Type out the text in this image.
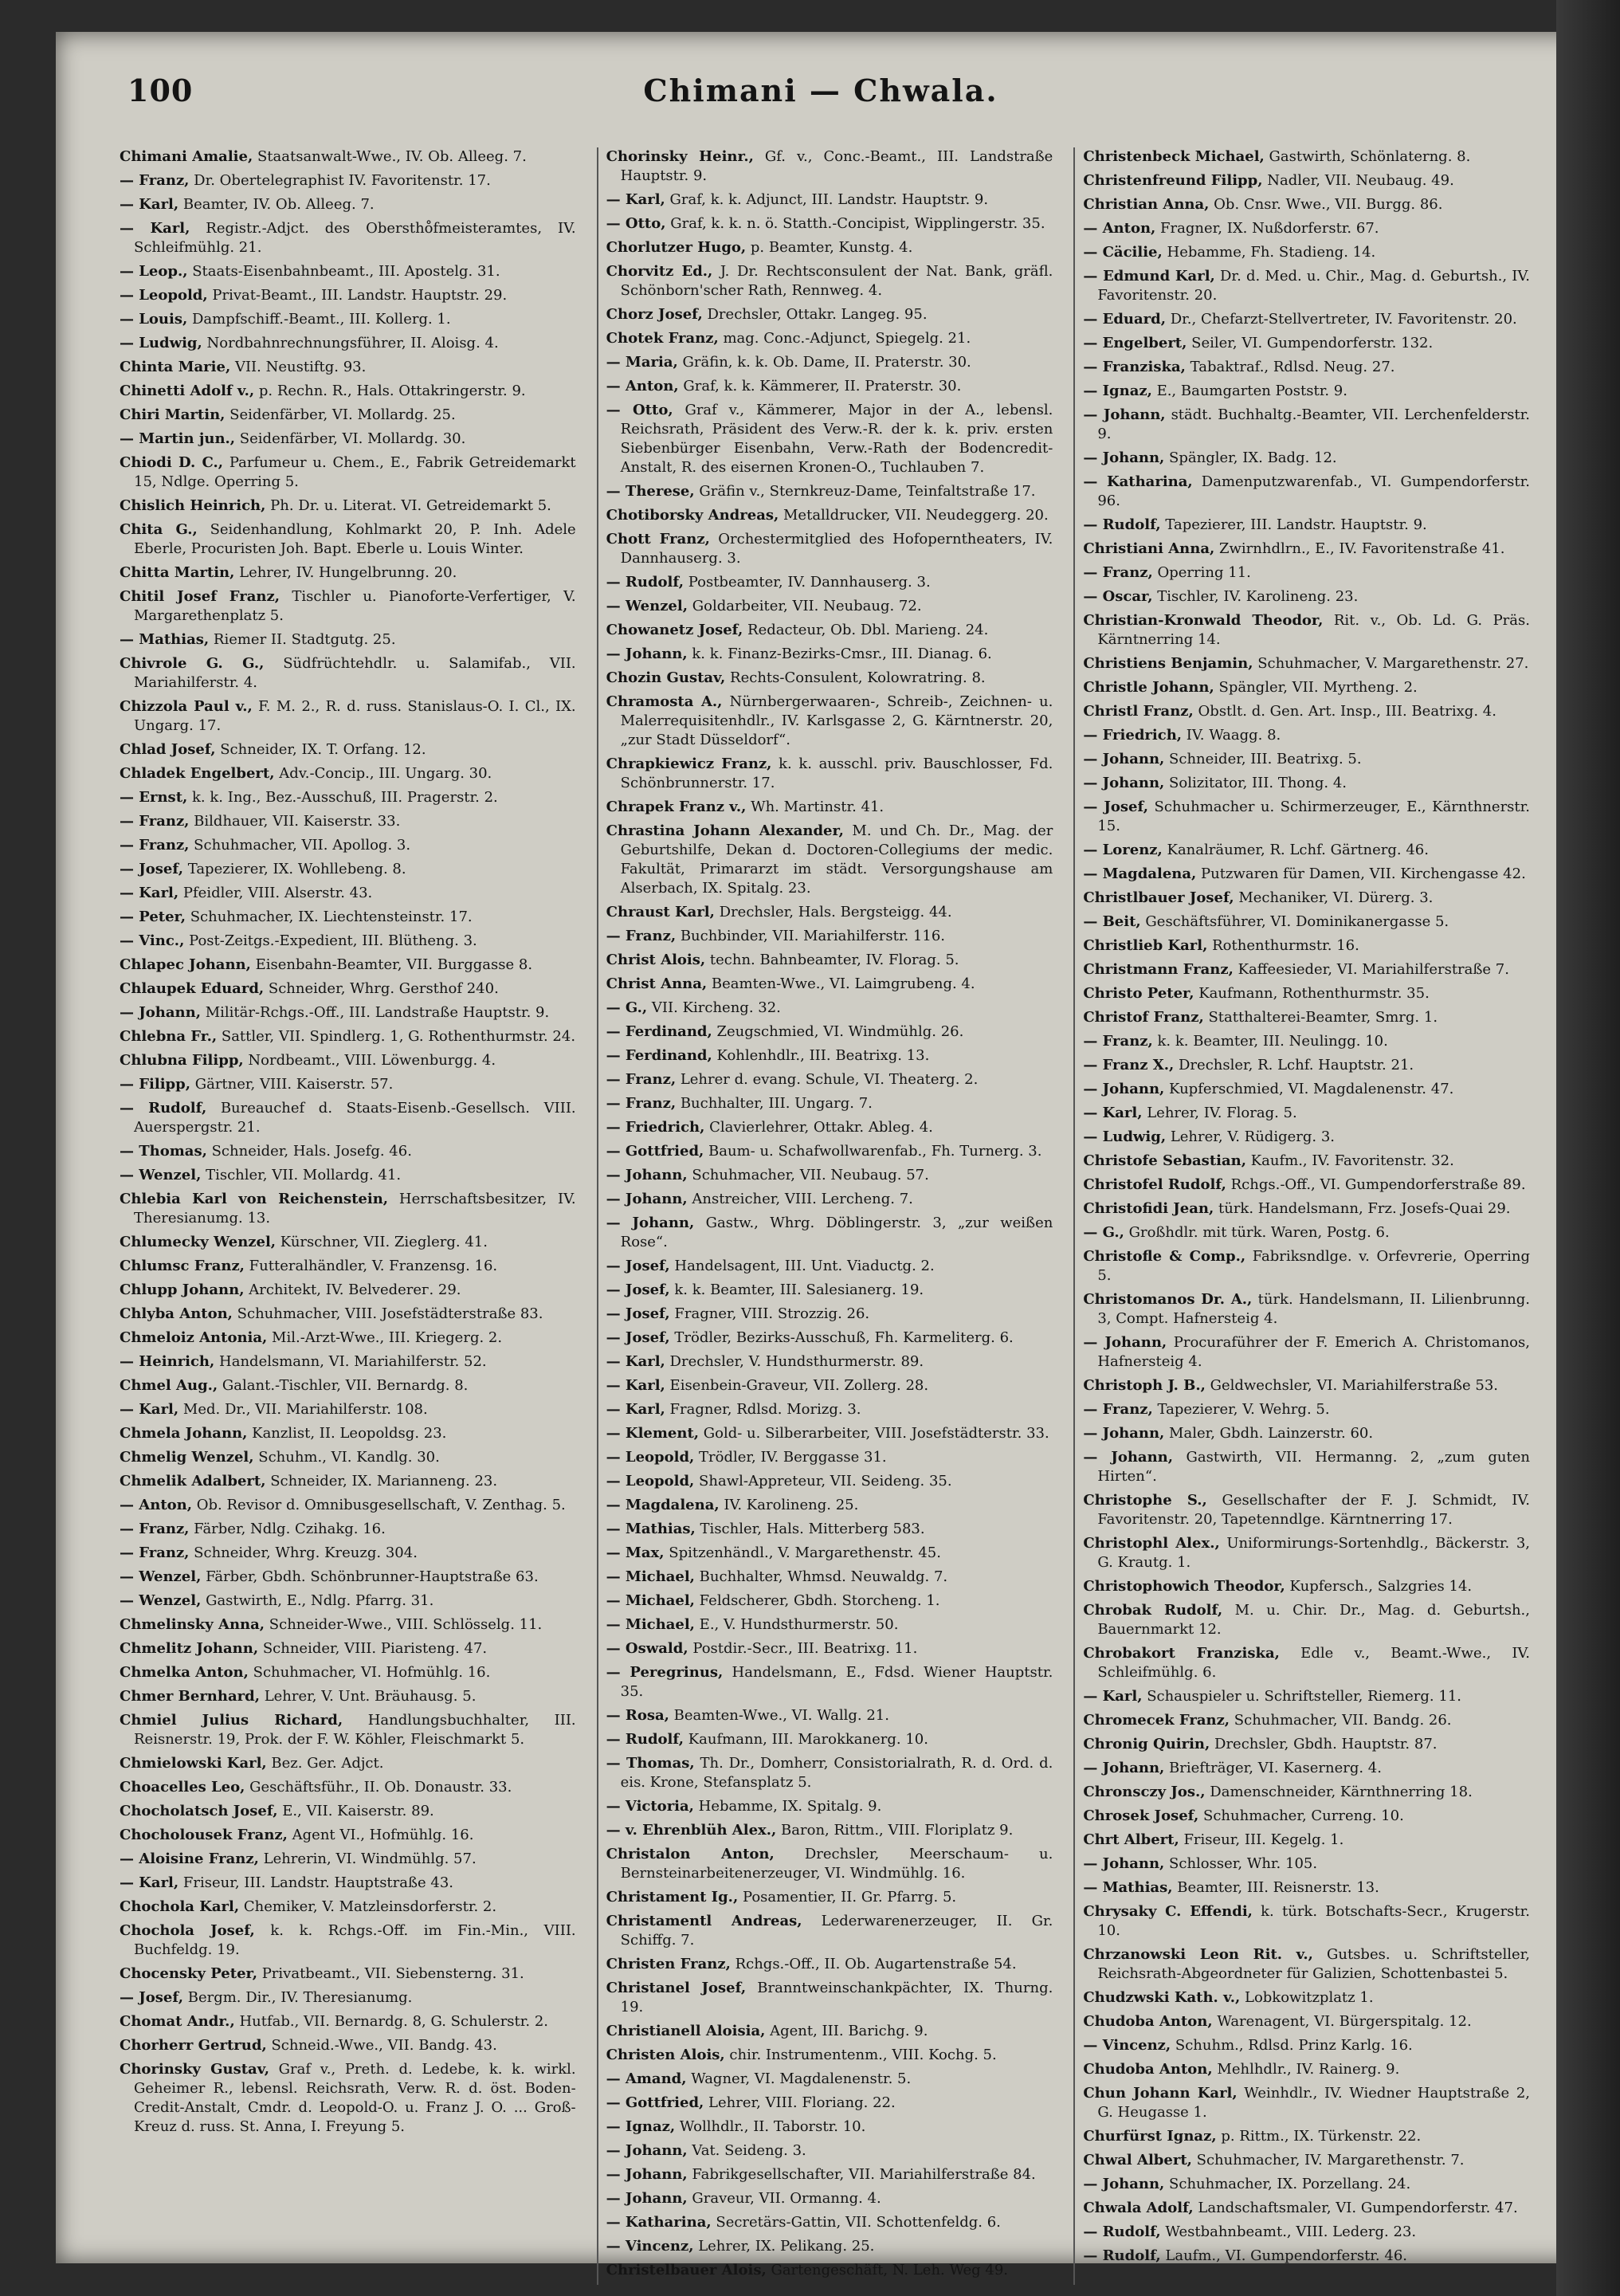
100	Chimani — Chwala.

Chimani Amalie, Staatsanwalt-Wwe., IV. Ob. Alleeg. 7.

— Franz, Dr. Obertelegraphist IV. Favoritenstr. 17.

— Karl, Beamter, IV. Ob. Alleeg. 7.

— Karl, Registr.-Adjct. des Oberstho̊fmeisteramtes, IV. Schleifmühlg. 21.

— Leop., Staats-Eisenbahnbeamt., III. Apostelg. 31.

— Leopold, Privat-Beamt., III. Landstr. Hauptstr. 29.

— Louis, Dampfschiff.-Beamt., III. Kollerg. 1.

— Ludwig, Nordbahnrechnungsführer, II. Aloisg. 4.

Chinta Marie, VII. Neustiftg. 93.

Chinetti Adolf v., p. Rechn. R., Hals. Ottakringerstr. 9.

Chiri Martin, Seidenfärber, VI. Mollardg. 25.

— Martin jun., Seidenfärber, VI. Mollardg. 30.

Chiodi D. C., Parfumeur u. Chem., E., Fabrik Getreidemarkt 15, Ndlge. Operring 5.

Chislich Heinrich, Ph. Dr. u. Literat. VI. Getreidemarkt 5.

Chita G., Seidenhandlung, Kohlmarkt 20, P. Inh. Adele Eberle, Procuristen Joh. Bapt. Eberle u. Louis Winter.

Chitta Martin, Lehrer, IV. Hungelbrunng. 20.

Chitil Josef Franz, Tischler u. Pianoforte-Verfertiger, V. Margarethenplatz 5.

— Mathias, Riemer II. Stadtgutg. 25.

Chivrole G. G., Südfrüchtehdlr. u. Salamifab., VII. Mariahilferstr. 4.

Chizzola Paul v., F. M. 2., R. d. russ. Stanislaus-O. I. Cl., IX. Ungarg. 17.

Chlad Josef, Schneider, IX. T. Orfang. 12.

Chladek Engelbert, Adv.-Concip., III. Ungarg. 30.

— Ernst, k. k. Ing., Bez.-Ausschuß, III. Pragerstr. 2.

— Franz, Bildhauer, VII. Kaiserstr. 33.

— Franz, Schuhmacher, VII. Apollog. 3.

— Josef, Tapezierer, IX. Wohllebeng. 8.

— Karl, Pfeidler, VIII. Alserstr. 43.

— Peter, Schuhmacher, IX. Liechtensteinstr. 17.

— Vinc., Post-Zeitgs.-Expedient, III. Blütheng. 3.

Chlapec Johann, Eisenbahn-Beamter, VII. Burggasse 8.

Chlaupek Eduard, Schneider, Whrg. Gersthof 240.

— Johann, Militär-Rchgs.-Off., III. Landstraße Hauptstr. 9.

Chlebna Fr., Sattler, VII. Spindlerg. 1, G. Rothenthurmstr. 24.

Chlubna Filipp, Nordbeamt., VIII. Löwenburgg. 4.

— Filipp, Gärtner, VIII. Kaiserstr. 57.

— Rudolf, Bureauchef d. Staats-Eisenb.-Gesellsch. VIII. Auerspergstr. 21.

— Thomas, Schneider, Hals. Josefg. 46.

— Wenzel, Tischler, VII. Mollardg. 41.

Chlebia Karl von Reichenstein, Herrschaftsbesitzer, IV. Theresianumg. 13.

Chlumecky Wenzel, Kürschner, VII. Zieglerg. 41.

Chlumsc Franz, Futteralhändler, V. Franzensg. 16.

Chlupp Johann, Architekt, IV. Belvederег. 29.

Chlyba Anton, Schuhmacher, VIII. Josefstädterstraße 83.

Chmeloiz Antonia, Mil.-Arzt-Wwe., III. Kriegerg. 2.

— Heinrich, Handelsmann, VI. Mariahilferstr. 52.

Chmel Aug., Galant.-Tischler, VII. Bernardg. 8.

— Karl, Med. Dr., VII. Mariahilferstr. 108.

Chmela Johann, Kanzlist, II. Leopoldsg. 23.

Chmelig Wenzel, Schuhm., VI. Kandlg. 30.

Chmelik Adalbert, Schneider, IX. Marianneng. 23.

— Anton, Ob. Revisor d. Omnibusgesellschaft, V. Zenthag. 5.

— Franz, Färber, Ndlg. Czihakg. 16.

— Franz, Schneider, Whrg. Kreuzg. 304.

— Wenzel, Färber, Gbdh. Schönbrunner-Hauptstraße 63.

— Wenzel, Gastwirth, E., Ndlg. Pfarrg. 31.

Chmelinsky Anna, Schneider-Wwe., VIII. Schlösselg. 11.

Chmelitz Johann, Schneider, VIII. Piaristeng. 47.

Chmelka Anton, Schuhmacher, VI. Hofmühlg. 16.

Chmer Bernhard, Lehrer, V. Unt. Bräuhausg. 5.

Chmiel Julius Richard, Handlungsbuchhalter, III. Reisnerstr. 19, Prok. der F. W. Köhler, Fleischmarkt 5.

Chmielowski Karl, Bez. Ger. Adjct.

Choacelles Leo, Geschäftsführ., II. Ob. Donaustr. 33.

Chocholatsch Josef, E., VII. Kaiserstr. 89.

Chocholousek Franz, Agent VI., Hofmühlg. 16.

— Aloisine Franz, Lehrerin, VI. Windmühlg. 57.

— Karl, Friseur, III. Landstr. Hauptstraße 43.

Chochola Karl, Chemiker, V. Matzleinsdorferstr. 2.

Chochola Josef, k. k. Rchgs.-Off. im Fin.-Min., VIII. Buchfeldg. 19.

Chocensky Peter, Privatbeamt., VII. Siebensterng. 31.

— Josef, Bergm. Dir., IV. Theresianumg.

Chomat Andr., Hutfab., VII. Bernardg. 8, G. Schulerstr. 2.

Chorherr Gertrud, Schneid.-Wwe., VII. Bandg. 43.

Chorinsky Gustav, Graf v., Preth. d. Ledebe, k. k. wirkl. Geheimer R., lebensl. Reichsrath, Verw. R. d. öst. Boden-Credit-Anstalt, Cmdr. d. Leopold-O. u. Franz J. O. ... Groß-Kreuz d. russ. St. Anna, I. Freyung 5.

Chorinsky Heinr., Gf. v., Conc.-Beamt., III. Landstraße Hauptstr. 9.

— Karl, Graf, k. k. Adjunct, III. Landstr. Hauptstr. 9.

— Otto, Graf, k. k. n. ö. Statth.-Concipist, Wipplingerstr. 35.

Chorlutzer Hugo, p. Beamter, Kunstg. 4.

Chorvitz Ed., J. Dr. Rechtsconsulent der Nat. Bank, gräfl. Schönborn'scher Rath, Rennweg. 4.

Chorz Josef, Drechsler, Ottakr. Langeg. 95.

Chotek Franz, mag. Conc.-Adjunct, Spiegelg. 21.

— Maria, Gräfin, k. k. Ob. Dame, II. Praterstr. 30.

— Anton, Graf, k. k. Kämmerer, II. Praterstr. 30.

— Otto, Graf v., Kämmerer, Major in der A., lebensl. Reichsrath, Präsident des Verw.-R. der k. k. priv. ersten Siebenbürger Eisenbahn, Verw.-Rath der Bodencredit-Anstalt, R. des eisernen Kronen-O., Tuchlauben 7.

— Therese, Gräfin v., Sternkreuz-Dame, Teinfaltstraße 17.

Chotiborsky Andreas, Metalldrucker, VII. Neudeggerg. 20.

Chott Franz, Orchestermitglied des Hofoperntheaters, IV. Dannhauserg. 3.

— Rudolf, Postbeamter, IV. Dannhauserg. 3.

— Wenzel, Goldarbeiter, VII. Neubaug. 72.

Chowanetz Josef, Redacteur, Ob. Dbl. Marieng. 24.

— Johann, k. k. Finanz-Bezirks-Cmsr., III. Dianag. 6.

Chozin Gustav, Rechts-Consulent, Kolowratring. 8.

Chramosta A., Nürnbergerwaaren-, Schreib-, Zeichnen- u. Malerrequisitenhdlr., IV. Karlsgasse 2, G. Kärntnerstr. 20, „zur Stadt Düsseldorf“.

Chrapkiewicz Franz, k. k. ausschl. priv. Bauschlosser, Fd. Schönbrunnerstr. 17.

Chrapek Franz v., Wh. Martinstr. 41.

Chrastina Johann Alexander, M. und Ch. Dr., Mag. der Geburtshilfe, Dekan d. Doctoren-Collegiums der medic. Fakultät, Primararzt im städt. Versorgungshause am Alserbach, IX. Spitalg. 23.

Chraust Karl, Drechsler, Hals. Bergsteigg. 44.

— Franz, Buchbinder, VII. Mariahilferstr. 116.

Christ Alois, techn. Bahnbeamter, IV. Florag. 5.

Christ Anna, Beamten-Wwe., VI. Laimgrubeng. 4.

— G., VII. Kircheng. 32.

— Ferdinand, Zeugschmied, VI. Windmühlg. 26.

— Ferdinand, Kohlenhdlr., III. Beatrixg. 13.

— Franz, Lehrer d. evang. Schule, VI. Theaterg. 2.

— Franz, Buchhalter, III. Ungarg. 7.

— Friedrich, Clavierlehrer, Ottakr. Ableg. 4.

— Gottfried, Baum- u. Schafwollwarenfab., Fh. Turnerg. 3.

— Johann, Schuhmacher, VII. Neubaug. 57.

— Johann, Anstreicher, VIII. Lercheng. 7.

— Johann, Gastw., Whrg. Döblingerstr. 3, „zur weißen Rose“.

— Josef, Handelsagent, III. Unt. Viaductg. 2.

— Josef, k. k. Beamter, III. Salesianerg. 19.

— Josef, Fragner, VIII. Strozzig. 26.

— Josef, Trödler, Bezirks-Ausschuß, Fh. Karmeliterg. 6.

— Karl, Drechsler, V. Hundsthurmerstr. 89.

— Karl, Eisenbein-Graveur, VII. Zollerg. 28.

— Karl, Fragner, Rdlsd. Morizg. 3.

— Klement, Gold- u. Silberarbeiter, VIII. Josefstädterstr. 33.

— Leopold, Trödler, IV. Berggasse 31.

— Leopold, Shawl-Appreteur, VII. Seideng. 35.

— Magdalena, IV. Karolineng. 25.

— Mathias, Tischler, Hals. Mitterberg 583.

— Max, Spitzenhändl., V. Margarethenstr. 45.

— Michael, Buchhalter, Whmsd. Neuwaldg. 7.

— Michael, Feldscherer, Gbdh. Storcheng. 1.

— Michael, E., V. Hundsthurmerstr. 50.

— Oswald, Postdir.-Secr., III. Beatrixg. 11.

— Peregrinus, Handelsmann, E., Fdsd. Wiener Hauptstr. 35.

— Rosa, Beamten-Wwe., VI. Wallg. 21.

— Rudolf, Kaufmann, III. Marokkanerg. 10.

— Thomas, Th. Dr., Domherr, Consistorialrath, R. d. Ord. d. eis. Krone, Stefansplatz 5.

— Victoria, Hebamme, IX. Spitalg. 9.

— v. Ehrenblüh Alex., Baron, Rittm., VIII. Floriplatz 9.

Christalon Anton, Drechsler, Meerschaum- u. Bernsteinarbeitenerzeuger, VI. Windmühlg. 16.

Christament Ig., Posamentier, II. Gr. Pfarrg. 5.

Christamentl Andreas, Lederwarenerzeuger, II. Gr. Schiffg. 7.

Christen Franz, Rchgs.-Off., II. Ob. Augartenstraße 54.

Christanel Josef, Branntweinschankpächter, IX. Thurng. 19.

Christianell Aloisia, Agent, III. Barichg. 9.

Christen Alois, chir. Instrumentenm., VIII. Kochg. 5.

— Amand, Wagner, VI. Magdalenenstr. 5.

— Gottfried, Lehrer, VIII. Floriang. 22.

— Ignaz, Wollhdlr., II. Taborstr. 10.

— Johann, Vat. Seideng. 3.

— Johann, Fabrikgesellschafter, VII. Mariahilferstraße 84.

— Johann, Graveur, VII. Ormanng. 4.

— Katharina, Secretärs-Gattin, VII. Schottenfeldg. 6.

— Vincenz, Lehrer, IX. Pelikang. 25.

Christelbauer Alois, Gartengeschäft, N. Leh. Weg 49.

Christenbeck Michael, Gastwirth, Schönlaterng. 8.

Christenfreund Filipp, Nadler, VII. Neubaug. 49.

Christian Anna, Ob. Cnsr. Wwe., VII. Burgg. 86.

— Anton, Fragner, IX. Nußdorferstr. 67.

— Cäcilie, Hebamme, Fh. Stadieng. 14.

— Edmund Karl, Dr. d. Med. u. Chir., Mag. d. Geburtsh., IV. Favoritenstr. 20.

— Eduard, Dr., Chefarzt-Stellvertreter, IV. Favoritenstr. 20.

— Engelbert, Seiler, VI. Gumpendorferstr. 132.

— Franziska, Tabaktraf., Rdlsd. Neug. 27.

— Ignaz, E., Baumgarten Poststr. 9.

— Johann, städt. Buchhaltg.-Beamter, VII. Lerchenfelderstr. 9.

— Johann, Spängler, IX. Badg. 12.

— Katharina, Damenputzwarenfab., VI. Gumpendorferstr. 96.

— Rudolf, Tapezierer, III. Landstr. Hauptstr. 9.

Christiani Anna, Zwirnhdlrn., E., IV. Favoritenstraße 41.

— Franz, Operring 11.

— Oscar, Tischler, IV. Karolineng. 23.

Christian-Kronwald Theodor, Rit. v., Ob. Ld. G. Präs. Kärntnerring 14.

Christiens Benjamin, Schuhmacher, V. Margarethenstr. 27.

Christle Johann, Spängler, VII. Myrtheng. 2.

Christl Franz, Obstlt. d. Gen. Art. Insp., III. Beatrixg. 4.

— Friedrich, IV. Waagg. 8.

— Johann, Schneider, III. Beatrixg. 5.

— Johann, Solizitator, III. Thong. 4.

— Josef, Schuhmacher u. Schirmerzeuger, E., Kärnthnerstr. 15.

— Lorenz, Kanalräumer, R. Lchf. Gärtnerg. 46.

— Magdalena, Putzwaren für Damen, VII. Kirchengasse 42.

Christlbauer Josef, Mechaniker, VI. Dürerg. 3.

— Beit, Geschäftsführer, VI. Dominikanergasse 5.

Christlieb Karl, Rothenthurmstr. 16.

Christmann Franz, Kaffeesieder, VI. Mariahilferstraße 7.

Christo Peter, Kaufmann, Rothenthurmstr. 35.

Christof Franz, Statthalterei-Beamter, Smrg. 1.

— Franz, k. k. Beamter, III. Neulingg. 10.

— Franz X., Drechsler, R. Lchf. Hauptstr. 21.

— Johann, Kupferschmied, VI. Magdalenenstr. 47.

— Karl, Lehrer, IV. Florag. 5.

— Ludwig, Lehrer, V. Rüdigerg. 3.

Christofe Sebastian, Kaufm., IV. Favoritenstr. 32.

Christofel Rudolf, Rchgs.-Off., VI. Gumpendorferstraße 89.

Christofidi Jean, türk. Handelsmann, Frz. Josefs-Quai 29.

— G., Großhdlr. mit türk. Waren, Postg. 6.

Christofle & Comp., Fabriksndlge. v. Orfevrerie, Operring 5.

Christomanos Dr. A., türk. Handelsmann, II. Lilienbrunng. 3, Compt. Hafnersteig 4.

— Johann, Procuraführer der F. Emerich A. Christomanos, Hafnersteig 4.

Christoph J. B., Geldwechsler, VI. Mariahilferstraße 53.

— Franz, Tapezierer, V. Wehrg. 5.

— Johann, Maler, Gbdh. Lainzerstr. 60.

— Johann, Gastwirth, VII. Hermanng. 2, „zum guten Hirten“.

Christophe S., Gesellschafter der F. J. Schmidt, IV. Favoritenstr. 20, Tapetenndlge. Kärntnerring 17.

Christophl Alex., Uniformirungs-Sortenhdlg., Bäckerstr. 3, G. Krautg. 1.

Christophowich Theodor, Kupfersch., Salzgries 14.

Chrobak Rudolf, M. u. Chir. Dr., Mag. d. Geburtsh., Bauernmarkt 12.

Chrobakort Franziska, Edle v., Beamt.-Wwe., IV. Schleifmühlg. 6.

— Karl, Schauspieler u. Schriftsteller, Riemerg. 11.

Chromecek Franz, Schuhmacher, VII. Bandg. 26.

Chronig Quirin, Drechsler, Gbdh. Hauptstr. 87.

— Johann, Briefträger, VI. Kasernerg. 4.

Chronsczy Jos., Damenschneider, Kärnthnerring 18.

Chrosek Josef, Schuhmacher, Curreng. 10.

Chrt Albert, Friseur, III. Kegelg. 1.

— Johann, Schlosser, Whr. 105.

— Mathias, Beamter, III. Reisnerstr. 13.

Chrysaky C. Effendi, k. türk. Botschafts-Secr., Krugerstr. 10.

Chrzanowski Leon Rit. v., Gutsbes. u. Schriftsteller, Reichsrath-Abgeordneter für Galizien, Schottenbastei 5.

Chudzwski Kath. v., Lobkowitzplatz 1.

Chudoba Anton, Warenagent, VI. Bürgerspitalg. 12.

— Vincenz, Schuhm., Rdlsd. Prinz Karlg. 16.

Chudoba Anton, Mehlhdlr., IV. Rainerg. 9.

Chun Johann Karl, Weinhdlr., IV. Wiedner Hauptstraße 2, G. Heugasse 1.

Churfürst Ignaz, p. Rittm., IX. Türkenstr. 22.

Chwal Albert, Schuhmacher, IV. Margarethenstr. 7.

— Johann, Schuhmacher, IX. Porzellang. 24.

Chwala Adolf, Landschaftsmaler, VI. Gumpendorferstr. 47.

— Rudolf, Westbahnbeamt., VIII. Lederg. 23.

— Rudolf, Laufm., VI. Gumpendorferstr. 46.
